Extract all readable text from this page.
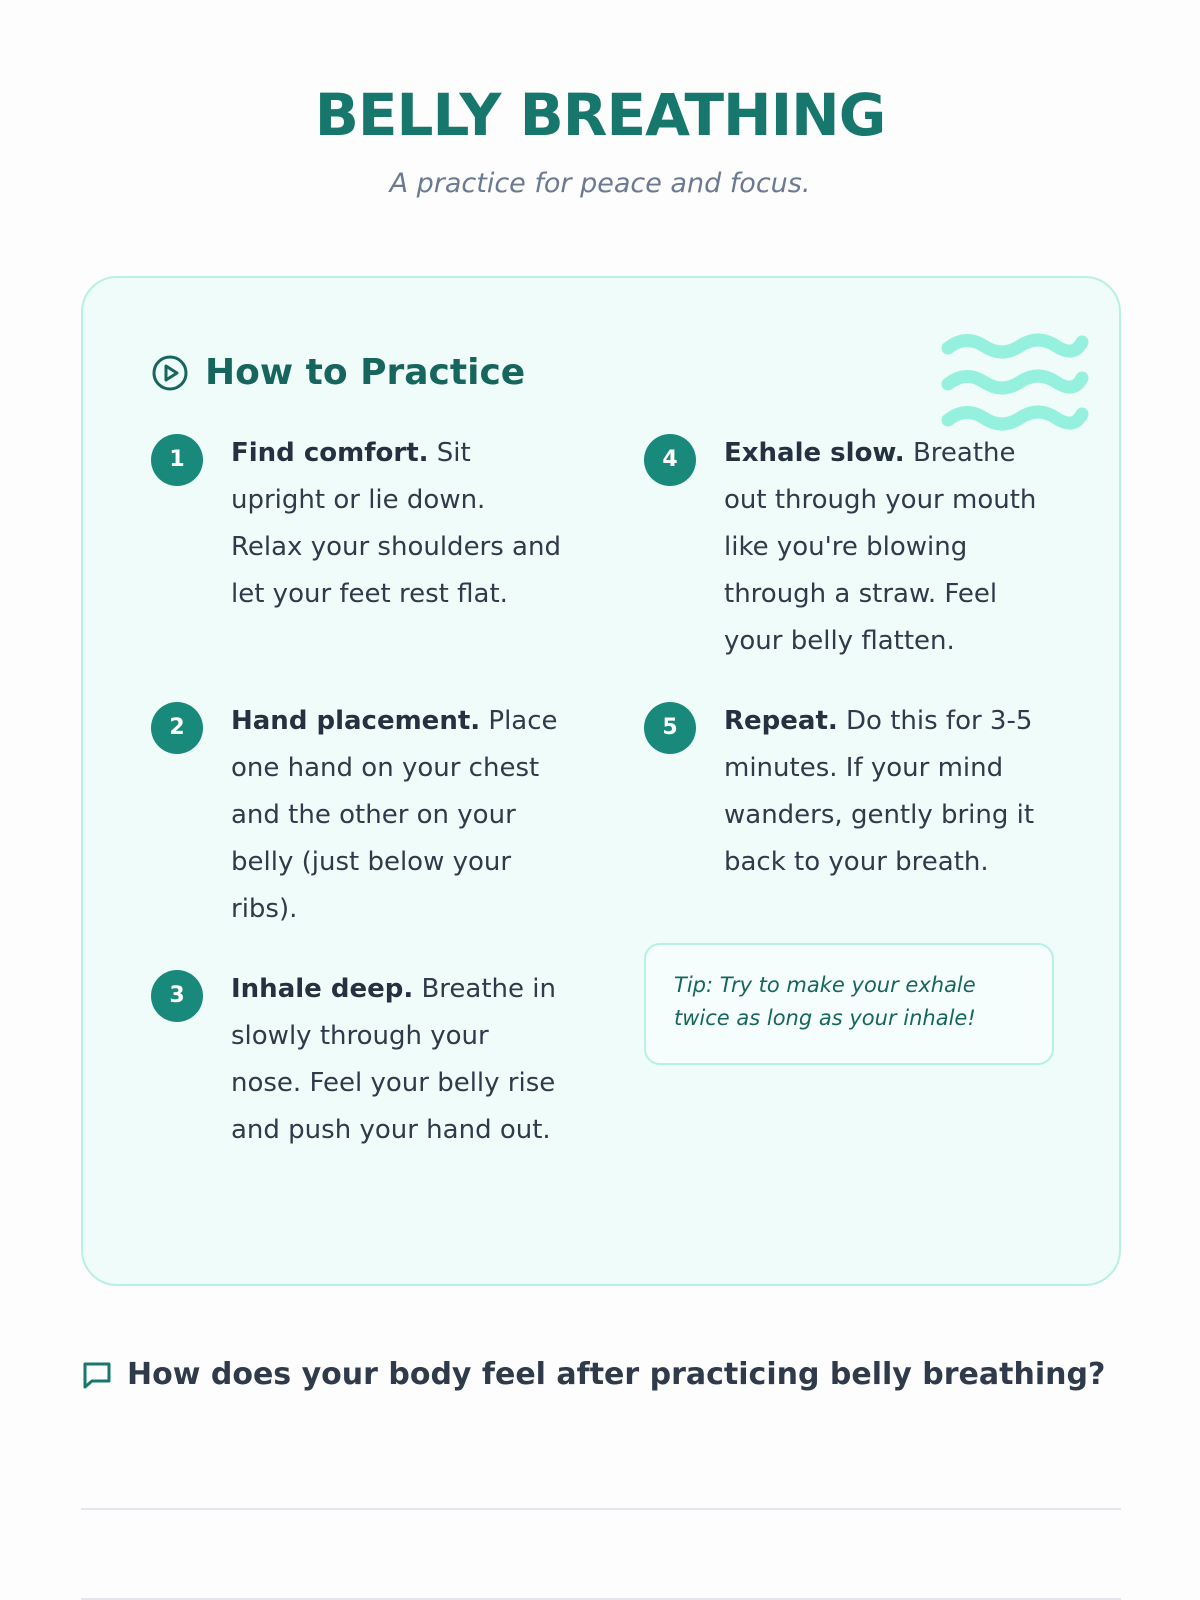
BELLY BREATHING
A practice for peace and focus.
How to Practice
1	Find comfort. Sit upright or lie down. Relax your shoulders and let your feet rest flat.
2	Hand placement. Place one hand on your chest and the other on your belly (just below your ribs).
3	Inhale deep. Breathe in slowly through your nose. Feel your belly rise and push your hand out.
4	Exhale slow. Breathe out through your mouth like you're blowing through a straw. Feel your belly flatten.
5	Repeat. Do this for 3-5 minutes. If your mind wanders, gently bring it back to your breath.
Tip: Try to make your exhale twice as long as your inhale!
How does your body feel after practicing belly breathing?
